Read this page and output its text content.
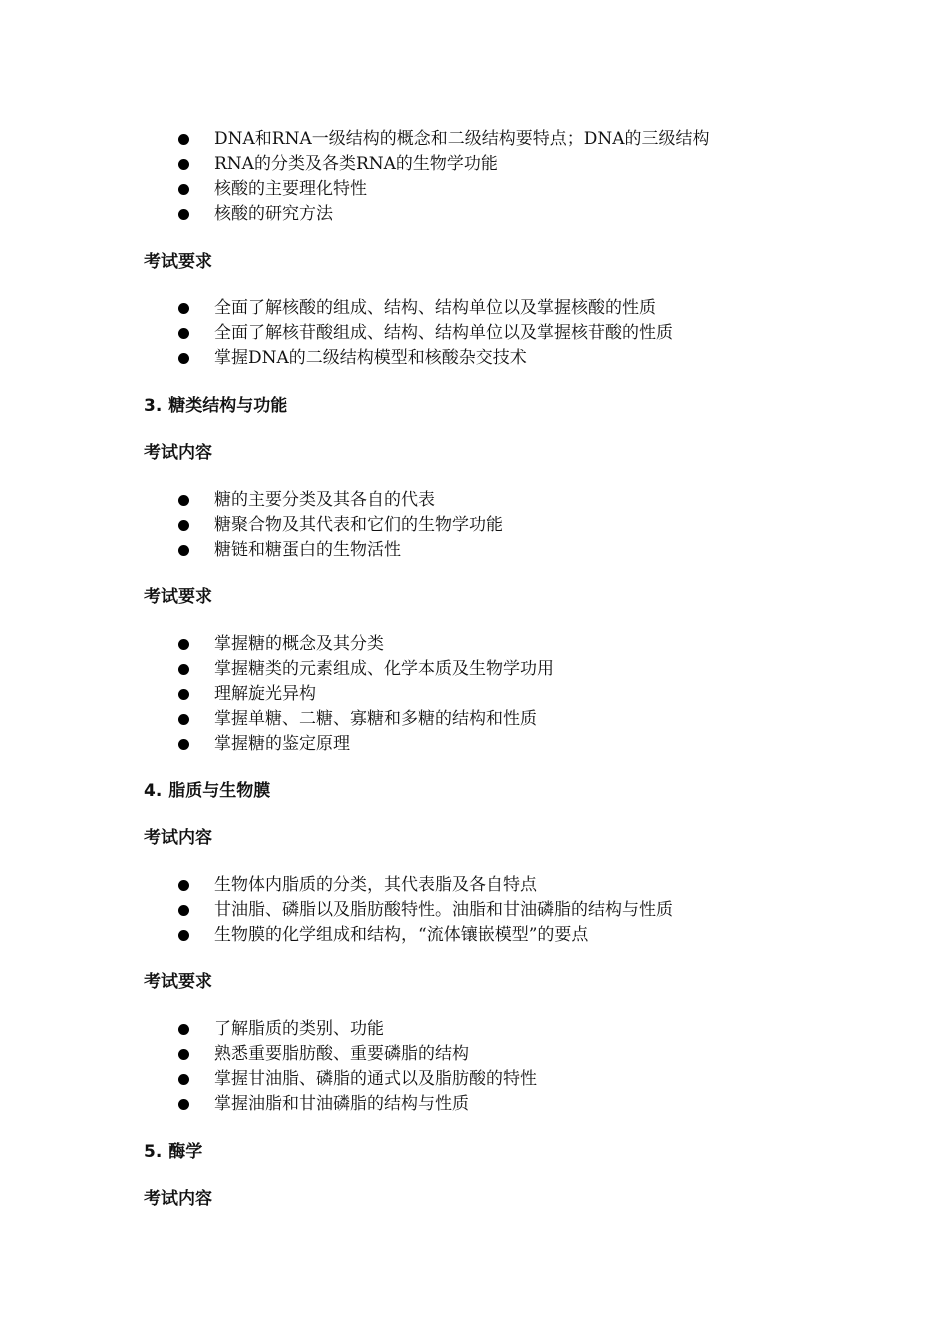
DNA和RNA一级结构的概念和二级结构要特点；DNA的三级结构
RNA的分类及各类RNA的生物学功能
核酸的主要理化特性
核酸的研究方法
考试要求
全面了解核酸的组成、结构、结构单位以及掌握核酸的性质
全面了解核苷酸组成、结构、结构单位以及掌握核苷酸的性质
掌握DNA的二级结构模型和核酸杂交技术
3. 糖类结构与功能
考试内容
糖的主要分类及其各自的代表
糖聚合物及其代表和它们的生物学功能
糖链和糖蛋白的生物活性
考试要求
掌握糖的概念及其分类
掌握糖类的元素组成、化学本质及生物学功用
理解旋光异构
掌握单糖、二糖、寡糖和多糖的结构和性质
掌握糖的鉴定原理
4. 脂质与生物膜
考试内容
生物体内脂质的分类，其代表脂及各自特点
甘油脂、磷脂以及脂肪酸特性。油脂和甘油磷脂的结构与性质
生物膜的化学组成和结构，“流体镶嵌模型”的要点
考试要求
了解脂质的类别、功能
熟悉重要脂肪酸、重要磷脂的结构
掌握甘油脂、磷脂的通式以及脂肪酸的特性
掌握油脂和甘油磷脂的结构与性质
5. 酶学
考试内容
